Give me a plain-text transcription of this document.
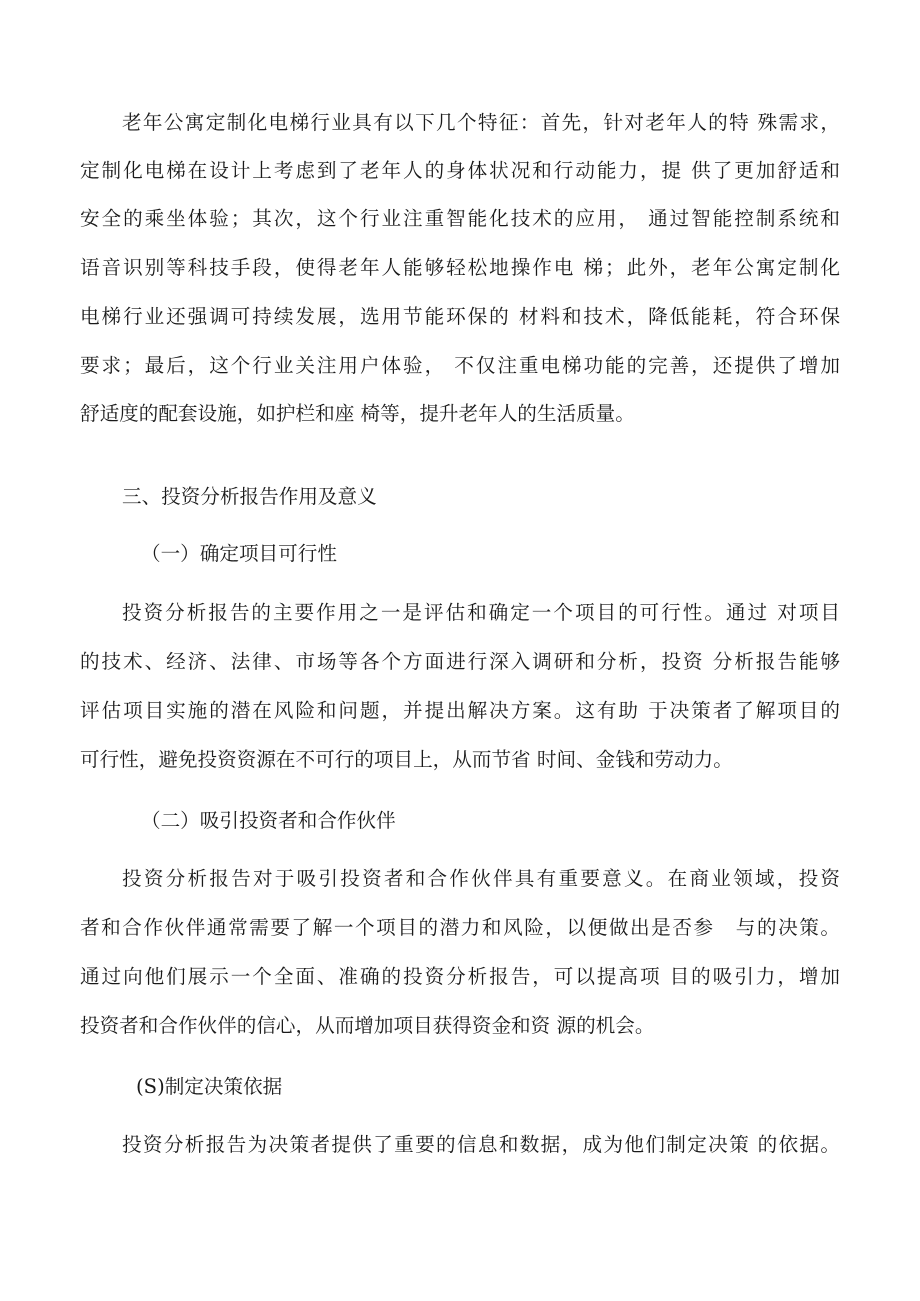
老年公寓定制化电梯行业具有以下几个特征：首先，针对老年人的特 殊需求，
定制化电梯在设计上考虑到了老年人的身体状况和行动能力，提 供了更加舒适和
安全的乘坐体验；其次，这个行业注重智能化技术的应用， 通过智能控制系统和
语音识别等科技手段，使得老年人能够轻松地操作电 梯；此外，老年公寓定制化
电梯行业还强调可持续发展，选用节能环保的 材料和技术，降低能耗，符合环保
要求；最后，这个行业关注用户体验， 不仅注重电梯功能的完善，还提供了增加
舒适度的配套设施，如护栏和座 椅等，提升老年人的生活质量。
三、投资分析报告作用及意义
（一）确定项目可行性
投资分析报告的主要作用之一是评估和确定一个项目的可行性。通过 对项目
的技术、经济、法律、市场等各个方面进行深入调研和分析，投资 分析报告能够
评估项目实施的潜在风险和问题，并提出解决方案。这有助 于决策者了解项目的
可行性，避免投资资源在不可行的项目上，从而节省 时间、金钱和劳动力。
（二）吸引投资者和合作伙伴
投资分析报告对于吸引投资者和合作伙伴具有重要意义。在商业领域，投资
者和合作伙伴通常需要了解一个项目的潜力和风险，以便做出是否参　与的决策。
通过向他们展示一个全面、准确的投资分析报告，可以提高项 目的吸引力，增加
投资者和合作伙伴的信心，从而增加项目获得资金和资 源的机会。
(S)制定决策依据
投资分析报告为决策者提供了重要的信息和数据，成为他们制定决策 的依据。
